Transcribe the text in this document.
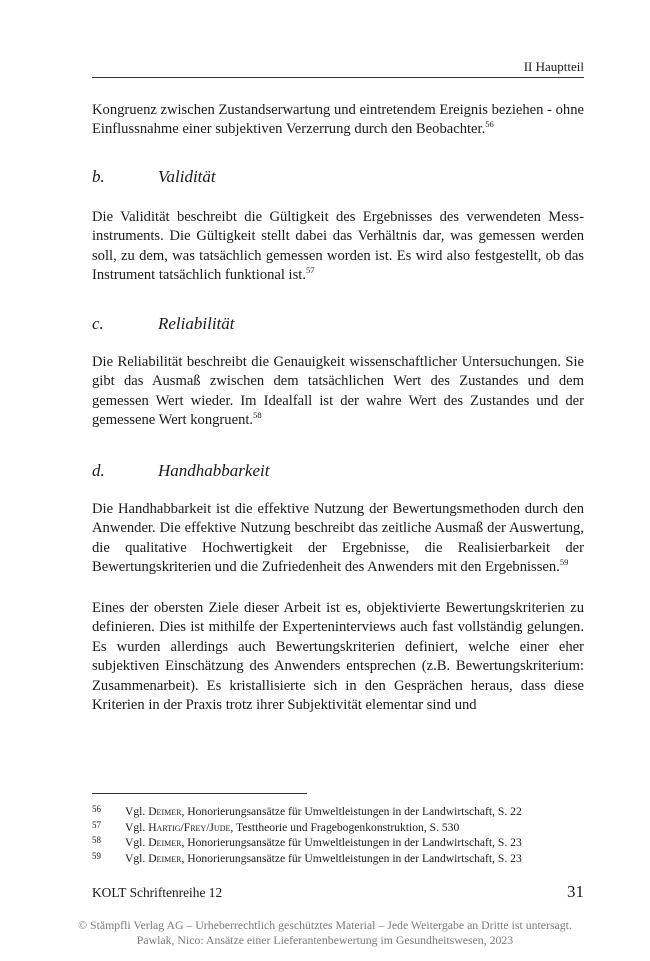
II Hauptteil

Kongruenz zwischen Zustandserwartung und eintretendem Ereignis beziehen - ohne Einflussnahme einer subjektiven Verzerrung durch den Beobachter.$^{56}$

b.	Validität

Die Validität beschreibt die Gültigkeit des Ergebnisses des verwendeten Messinstruments. Die Gültigkeit stellt dabei das Verhältnis dar, was gemessen werden soll, zu dem, was tatsächlich gemessen worden ist. Es wird also festgestellt, ob das Instrument tatsächlich funktional ist.$^{57}$

c.	Reliabilität

Die Reliabilität beschreibt die Genauigkeit wissenschaftlicher Untersuchungen. Sie gibt das Ausmaß zwischen dem tatsächlichen Wert des Zustandes und dem gemessen Wert wieder. Im Idealfall ist der wahre Wert des Zustandes und der gemessene Wert kongruent.$^{58}$

d.	Handhabbarkeit

Die Handhabbarkeit ist die effektive Nutzung der Bewertungsmethoden durch den Anwender. Die effektive Nutzung beschreibt das zeitliche Ausmaß der Auswertung, die qualitative Hochwertigkeit der Ergebnisse, die Realisierbarkeit der Bewertungskriterien und die Zufriedenheit des Anwenders mit den Ergebnissen.$^{59}$

Eines der obersten Ziele dieser Arbeit ist es, objektivierte Bewertungskriterien zu definieren. Dies ist mithilfe der Experteninterviews auch fast vollständig gelungen. Es wurden allerdings auch Bewertungskriterien definiert, welche einer eher subjektiven Einschätzung des Anwenders entsprechen (z.B. Bewertungskriterium: Zusammenarbeit). Es kristallisierte sich in den Gesprächen heraus, dass diese Kriterien in der Praxis trotz ihrer Subjektivität elementar sind und

56	Vgl. Deimer, Honorierungsansätze für Umweltleistungen in der Landwirtschaft, S. 22
57	Vgl. Hartig/Frey/Jude, Testtheorie und Fragebogenkonstruktion, S. 530
58	Vgl. Deimer, Honorierungsansätze für Umweltleistungen in der Landwirtschaft, S. 23
59	Vgl. Deimer, Honorierungsansätze für Umweltleistungen in der Landwirtschaft, S. 23
KOLT Schriftenreihe 12	31
© Stämpfli Verlag AG – Urheberrechtlich geschütztes Material – Jede Weitergabe an Dritte ist untersagt.
Pawlak, Nico: Ansätze einer Lieferantenbewertung im Gesundheitswesen, 2023
